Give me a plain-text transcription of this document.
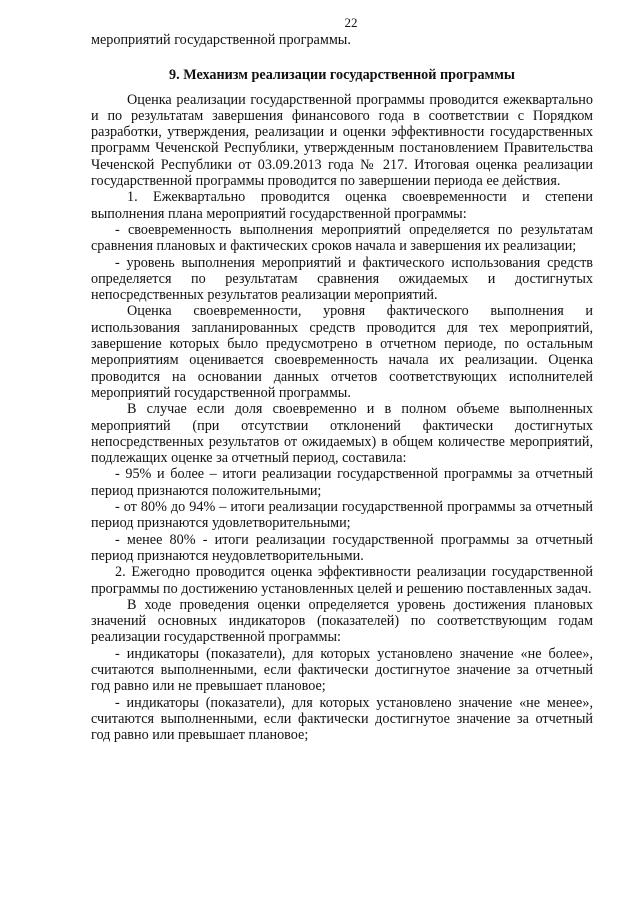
22

мероприятий государственной программы.

9. Механизм реализации государственной программы

Оценка реализации государственной программы проводится ежеквартально и по результатам завершения финансового года в соответствии с Порядком разработки, утверждения, реализации и оценки эффективности государственных программ Чеченской Республики, утвержденным постановлением Правительства Чеченской Республики от 03.09.2013 года № 217. Итоговая оценка реализации государственной программы проводится по завершении периода ее действия.

1. Ежеквартально проводится оценка своевременности и степени выполнения плана мероприятий государственной программы:

- своевременность выполнения мероприятий определяется по результатам сравнения плановых и фактических сроков начала и завершения их реализации;

- уровень выполнения мероприятий и фактического использования средств определяется по результатам сравнения ожидаемых и достигнутых непосредственных результатов реализации мероприятий.

Оценка своевременности, уровня фактического выполнения и использования запланированных средств проводится для тех мероприятий, завершение которых было предусмотрено в отчетном периоде, по остальным мероприятиям оценивается своевременность начала их реализации. Оценка проводится на основании данных отчетов соответствующих исполнителей мероприятий государственной программы.

В случае если доля своевременно и в полном объеме выполненных мероприятий (при отсутствии отклонений фактически достигнутых непосредственных результатов от ожидаемых) в общем количестве мероприятий, подлежащих оценке за отчетный период, составила:

- 95% и более – итоги реализации государственной программы за отчетный период признаются положительными;

- от 80% до 94% – итоги реализации государственной программы за отчетный период признаются удовлетворительными;

- менее 80% - итоги реализации государственной программы за отчетный период признаются неудовлетворительными.

2. Ежегодно проводится оценка эффективности реализации государственной программы по достижению установленных целей и решению поставленных задач.

В ходе проведения оценки определяется уровень достижения плановых значений основных индикаторов (показателей) по соответствующим годам реализации государственной программы:

- индикаторы (показатели), для которых установлено значение «не более», считаются выполненными, если фактически достигнутое значение за отчетный год равно или не превышает плановое;

- индикаторы (показатели), для которых установлено значение «не менее», считаются выполненными, если фактически достигнутое значение за отчетный год равно или превышает плановое;
